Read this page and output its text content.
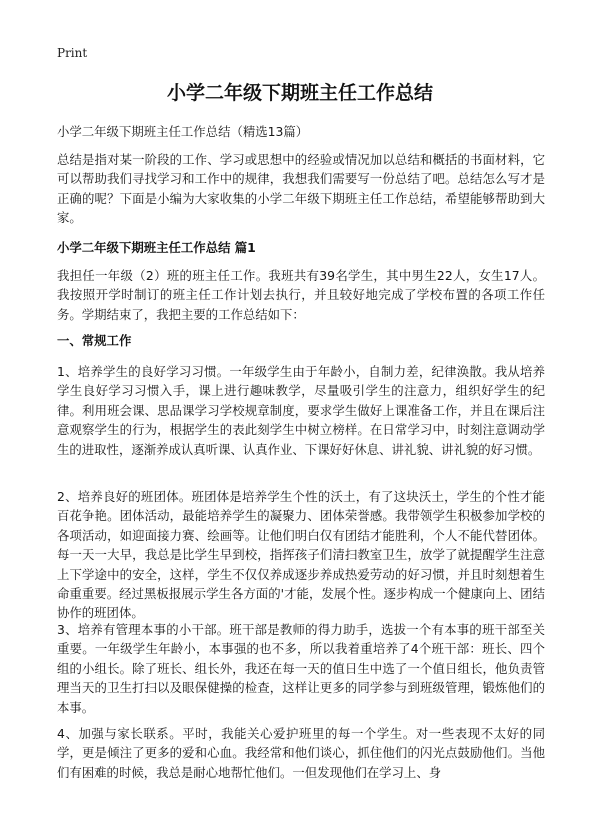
Print
小学二年级下期班主任工作总结

小学二年级下期班主任工作总结（精选13篇）

总结是指对某一阶段的工作、学习或思想中的经验或情况加以总结和概括的书面材料，它可以帮助我们寻找学习和工作中的规律，我想我们需要写一份总结了吧。总结怎么写才是正确的呢？下面是小编为大家收集的小学二年级下期班主任工作总结，希望能够帮助到大家。

小学二年级下期班主任工作总结 篇1

我担任一年级（2）班的班主任工作。我班共有39名学生，其中男生22人，女生17人。我按照开学时制订的班主任工作计划去执行，并且较好地完成了学校布置的各项工作任务。学期结束了，我把主要的工作总结如下：

一、常规工作

1、培养学生的良好学习习惯。一年级学生由于年龄小，自制力差，纪律涣散。我从培养学生良好学习习惯入手，课上进行趣味教学，尽量吸引学生的注意力，组织好学生的纪律。利用班会课、思品课学习学校规章制度，要求学生做好上课准备工作，并且在课后注意观察学生的行为，根据学生的表此刻学生中树立榜样。在日常学习中，时刻注意调动学生的进取性，逐渐养成认真听课、认真作业、下课好好休息、讲礼貌、讲礼貌的好习惯。

2、培养良好的班团体。班团体是培养学生个性的沃土，有了这块沃土，学生的个性才能百花争艳。团体活动，最能培养学生的凝聚力、团体荣誉感。我带领学生积极参加学校的各项活动，如迎面接力赛、绘画等。让他们明白仅有团结才能胜利，个人不能代替团体。每一天一大早，我总是比学生早到校，指挥孩子们清扫教室卫生，放学了就提醒学生注意上下学途中的安全，这样，学生不仅仅养成逐步养成热爱劳动的好习惯，并且时刻想着生命重重要。经过黑板报展示学生各方面的'才能，发展个性。逐步构成一个健康向上、团结协作的班团体。

3、培养有管理本事的小干部。班干部是教师的得力助手，选拔一个有本事的班干部至关重要。一年级学生年龄小，本事强的也不多，所以我着重培养了4个班干部：班长、四个组的小组长。除了班长、组长外，我还在每一天的值日生中选了一个值日组长，他负责管理当天的卫生打扫以及眼保健操的检查，这样让更多的同学参与到班级管理，锻炼他们的本事。

4、加强与家长联系。平时，我能关心爱护班里的每一个学生。对一些表现不太好的同学，更是倾注了更多的爱和心血。我经常和他们谈心，抓住他们的闪光点鼓励他们。当他们有困难的时候，我总是耐心地帮忙他们。一但发现他们在学习上、身
